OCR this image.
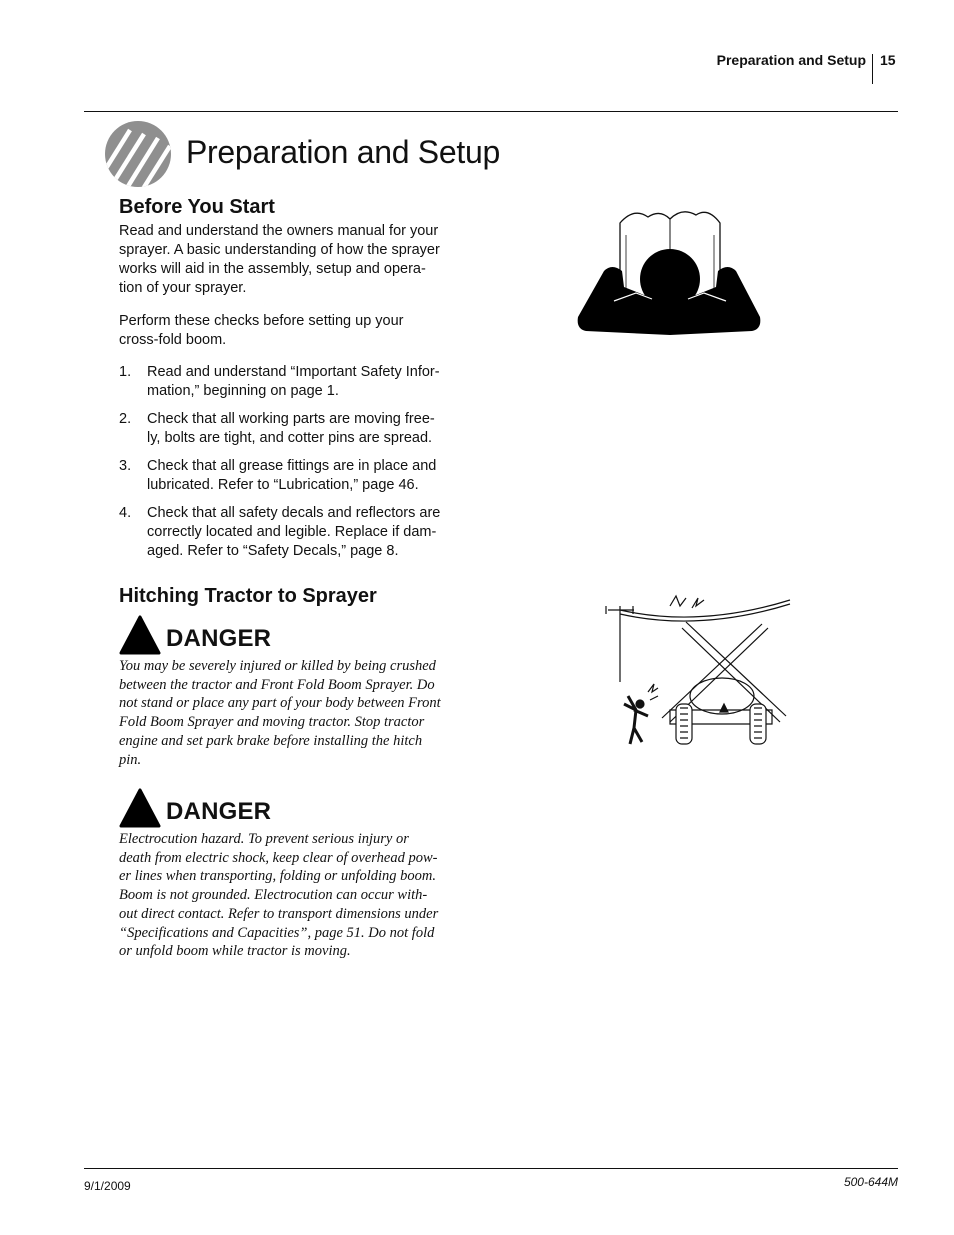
Preparation and Setup 15
Preparation and Setup
Before You Start

Read and understand the owners manual for your
sprayer. A basic understanding of how the sprayer
works will aid in the assembly, setup and opera-
tion of your sprayer.

Perform these checks before setting up your
cross-fold boom.

1. Read and understand “Important Safety Infor-
mation,” beginning on page 1.
2. Check that all working parts are moving free-
ly, bolts are tight, and cotter pins are spread.
3. Check that all grease fittings are in place and
lubricated. Refer to “Lubrication,” page 46.
4. Check that all safety decals and reflectors are
correctly located and legible. Replace if dam-
aged. Refer to “Safety Decals,” page 8.
Hitching Tractor to Sprayer
DANGER

You may be severely injured or killed by being crushed
between the tractor and Front Fold Boom Sprayer. Do
not stand or place any part of your body between Front
Fold Boom Sprayer and moving tractor. Stop tractor
engine and set park brake before installing the hitch
pin.

DANGER

Electrocution hazard. To prevent serious injury or
death from electric shock, keep clear of overhead pow-
er lines when transporting, folding or unfolding boom.
Boom is not grounded. Electrocution can occur with-
out direct contact. Refer to transport dimensions under
“Specifications and Capacities”, page 51. Do not fold
or unfold boom while tractor is moving.

9/1/2009	500-644M
